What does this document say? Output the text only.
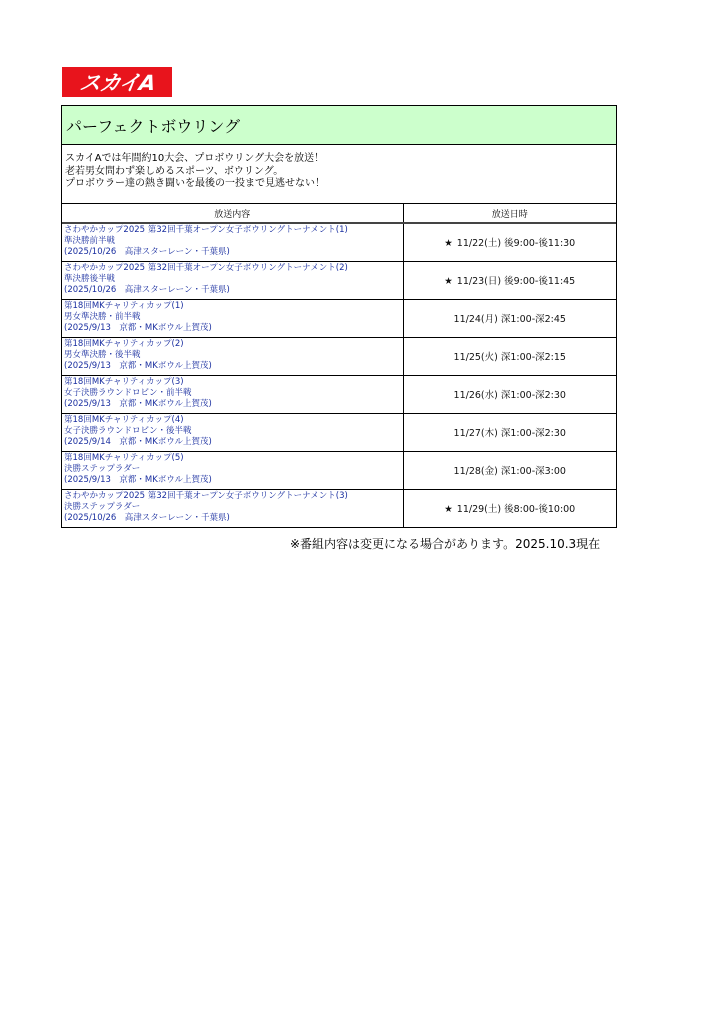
スカイA
パーフェクトボウリング
スカイAでは年間約10大会、プロボウリング大会を放送！
老若男女問わず楽しめるスポーツ、ボウリング。
プロボウラー達の熱き闘いを最後の一投まで見逃せない！
放送内容	放送日時

さわやかカップ2025 第32回千葉オープン女子ボウリングトーナメント(1)
準決勝前半戦
(2025/10/26　高津スターレーン・千葉県)	★ 11/22(土) 後9:00-後11:30

さわやかカップ2025 第32回千葉オープン女子ボウリングトーナメント(2)
準決勝後半戦
(2025/10/26　高津スターレーン・千葉県)	★ 11/23(日) 後9:00-後11:45

第18回MKチャリティカップ(1)
男女準決勝・前半戦
(2025/9/13　京都・MKボウル上賀茂)	11/24(月) 深1:00-深2:45

第18回MKチャリティカップ(2)
男女準決勝・後半戦
(2025/9/13　京都・MKボウル上賀茂)	11/25(火) 深1:00-深2:15

第18回MKチャリティカップ(3)
女子決勝ラウンドロビン・前半戦
(2025/9/13　京都・MKボウル上賀茂)	11/26(水) 深1:00-深2:30

第18回MKチャリティカップ(4)
女子決勝ラウンドロビン・後半戦
(2025/9/14　京都・MKボウル上賀茂)	11/27(木) 深1:00-深2:30

第18回MKチャリティカップ(5)
決勝ステップラダー
(2025/9/13　京都・MKボウル上賀茂)	11/28(金) 深1:00-深3:00

さわやかカップ2025 第32回千葉オープン女子ボウリングトーナメント(3)
決勝ステップラダー
(2025/10/26　高津スターレーン・千葉県)	★ 11/29(土) 後8:00-後10:00
※番組内容は変更になる場合があります。2025.10.3現在
